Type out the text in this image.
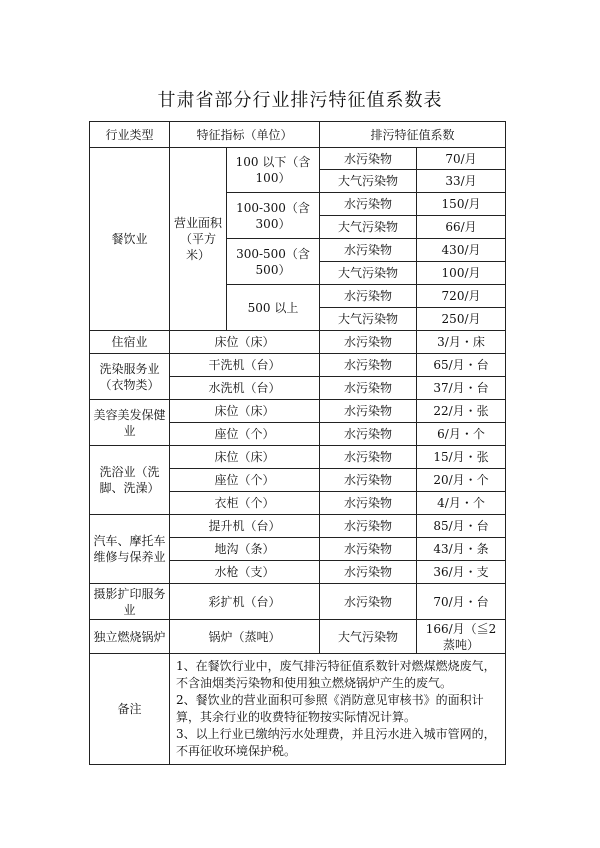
甘肃省部分行业排污特征值系数表
行业类型	特征指标（单位）		排污特征值系数	
餐饮业	营业面积（平方米）	100 以下（含 100）	水污染物	70/月
			大气污染物	33/月
		100-300（含 300）	水污染物	150/月
			大气污染物	66/月
		300-500（含 500）	水污染物	430/月
			大气污染物	100/月
		500 以上	水污染物	720/月
			大气污染物	250/月
住宿业	床位（床）		水污染物	3/月・床
洗染服务业（衣物类）	干洗机（台）		水污染物	65/月・台
	水洗机（台）		水污染物	37/月・台
美容美发保健业	床位（床）		水污染物	22/月・张
	座位（个）		水污染物	6/月・个
洗浴业（洗脚、洗澡）	床位（床）		水污染物	15/月・张
	座位（个）		水污染物	20/月・个
	衣柜（个）		水污染物	4/月・个
汽车、摩托车维修与保养业	提升机（台）		水污染物	85/月・台
	地沟（条）		水污染物	43/月・条
	水枪（支）		水污染物	36/月・支
摄影扩印服务业	彩扩机（台）		水污染物	70/月・台
独立燃烧锅炉	锅炉（蒸吨）		大气污染物	166/月（≦2 蒸吨）
备注	1、在餐饮行业中，废气排污特征值系数针对燃煤燃烧废气，不含油烟类污染物和使用独立燃烧锅炉产生的废气。

2、餐饮业的营业面积可参照《消防意见审核书》的面积计算，其余行业的收费特征物按实际情况计算。

3、以上行业已缴纳污水处理费，并且污水进入城市管网的，不再征收环境保护税。			
